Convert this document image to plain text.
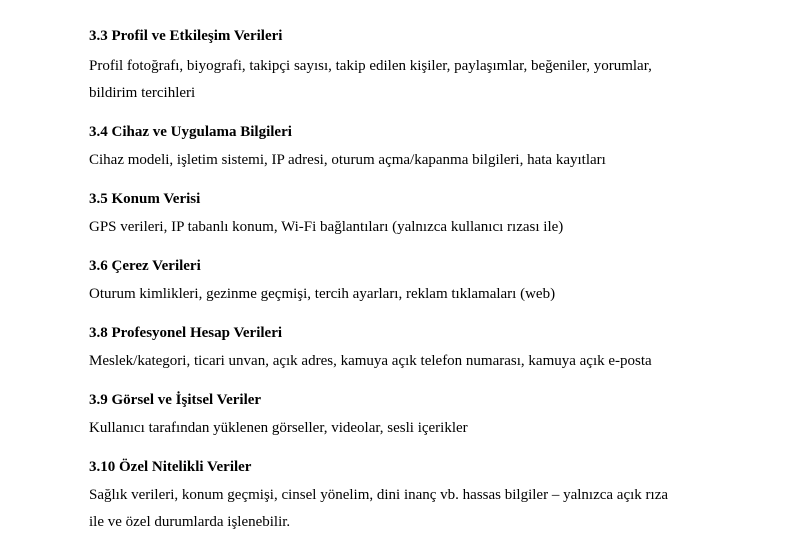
3.3 Profil ve Etkileşim Verileri
Profil fotoğrafı, biyografi, takipçi sayısı, takip edilen kişiler, paylaşımlar, beğeniler, yorumlar,
bildirim tercihleri
3.4 Cihaz ve Uygulama Bilgileri
Cihaz modeli, işletim sistemi, IP adresi, oturum açma/kapanma bilgileri, hata kayıtları
3.5 Konum Verisi
GPS verileri, IP tabanlı konum, Wi-Fi bağlantıları (yalnızca kullanıcı rızası ile)
3.6 Çerez Verileri
Oturum kimlikleri, gezinme geçmişi, tercih ayarları, reklam tıklamaları (web)
3.8 Profesyonel Hesap Verileri
Meslek/kategori, ticari unvan, açık adres, kamuya açık telefon numarası, kamuya açık e-posta
3.9 Görsel ve İşitsel Veriler
Kullanıcı tarafından yüklenen görseller, videolar, sesli içerikler
3.10 Özel Nitelikli Veriler
Sağlık verileri, konum geçmişi, cinsel yönelim, dini inanç vb. hassas bilgiler – yalnızca açık rıza
ile ve özel durumlarda işlenebilir.
